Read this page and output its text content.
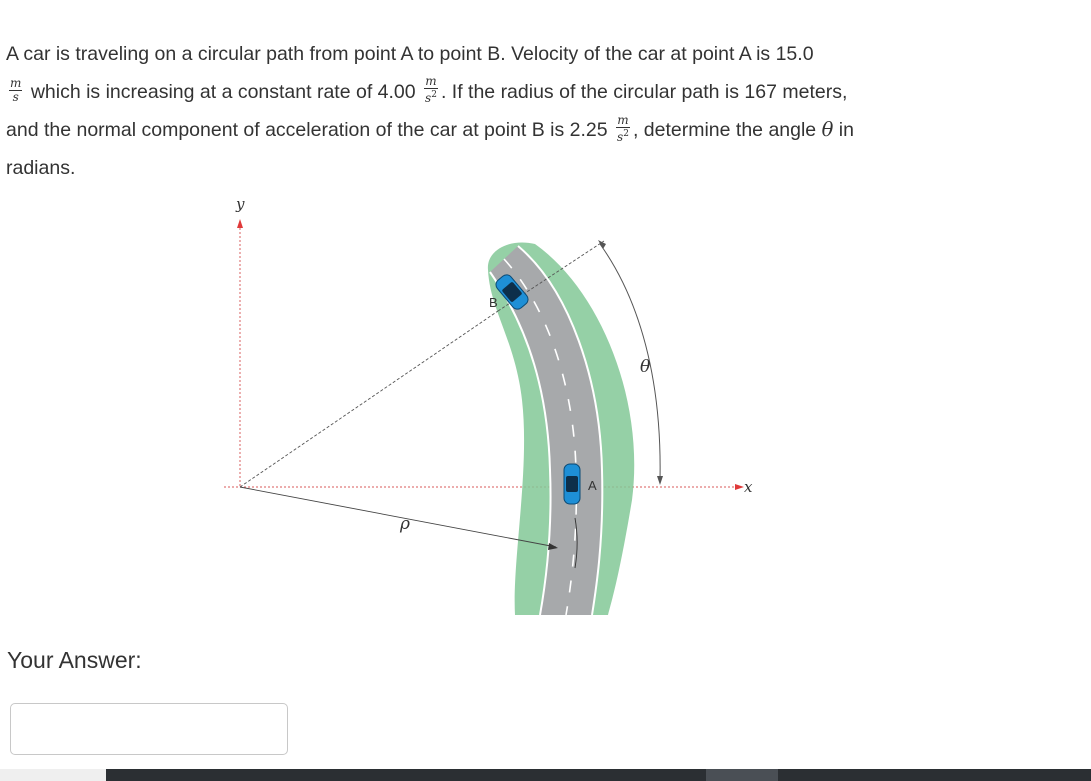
A car is traveling on a circular path from point A to point B. Velocity of the car at point A is 15.0

$\frac{m}{s}$ which is increasing at a constant rate of $4.00 \frac{m}{s^2}$ . If the radius of the circular path is 167 meters,
and the normal component of acceleration of the car at point B is $2.25 \frac{m}{s^2}$ , determine the angle θ in
radians.
y
x
B
A
θ
ρ
Your Answer:
